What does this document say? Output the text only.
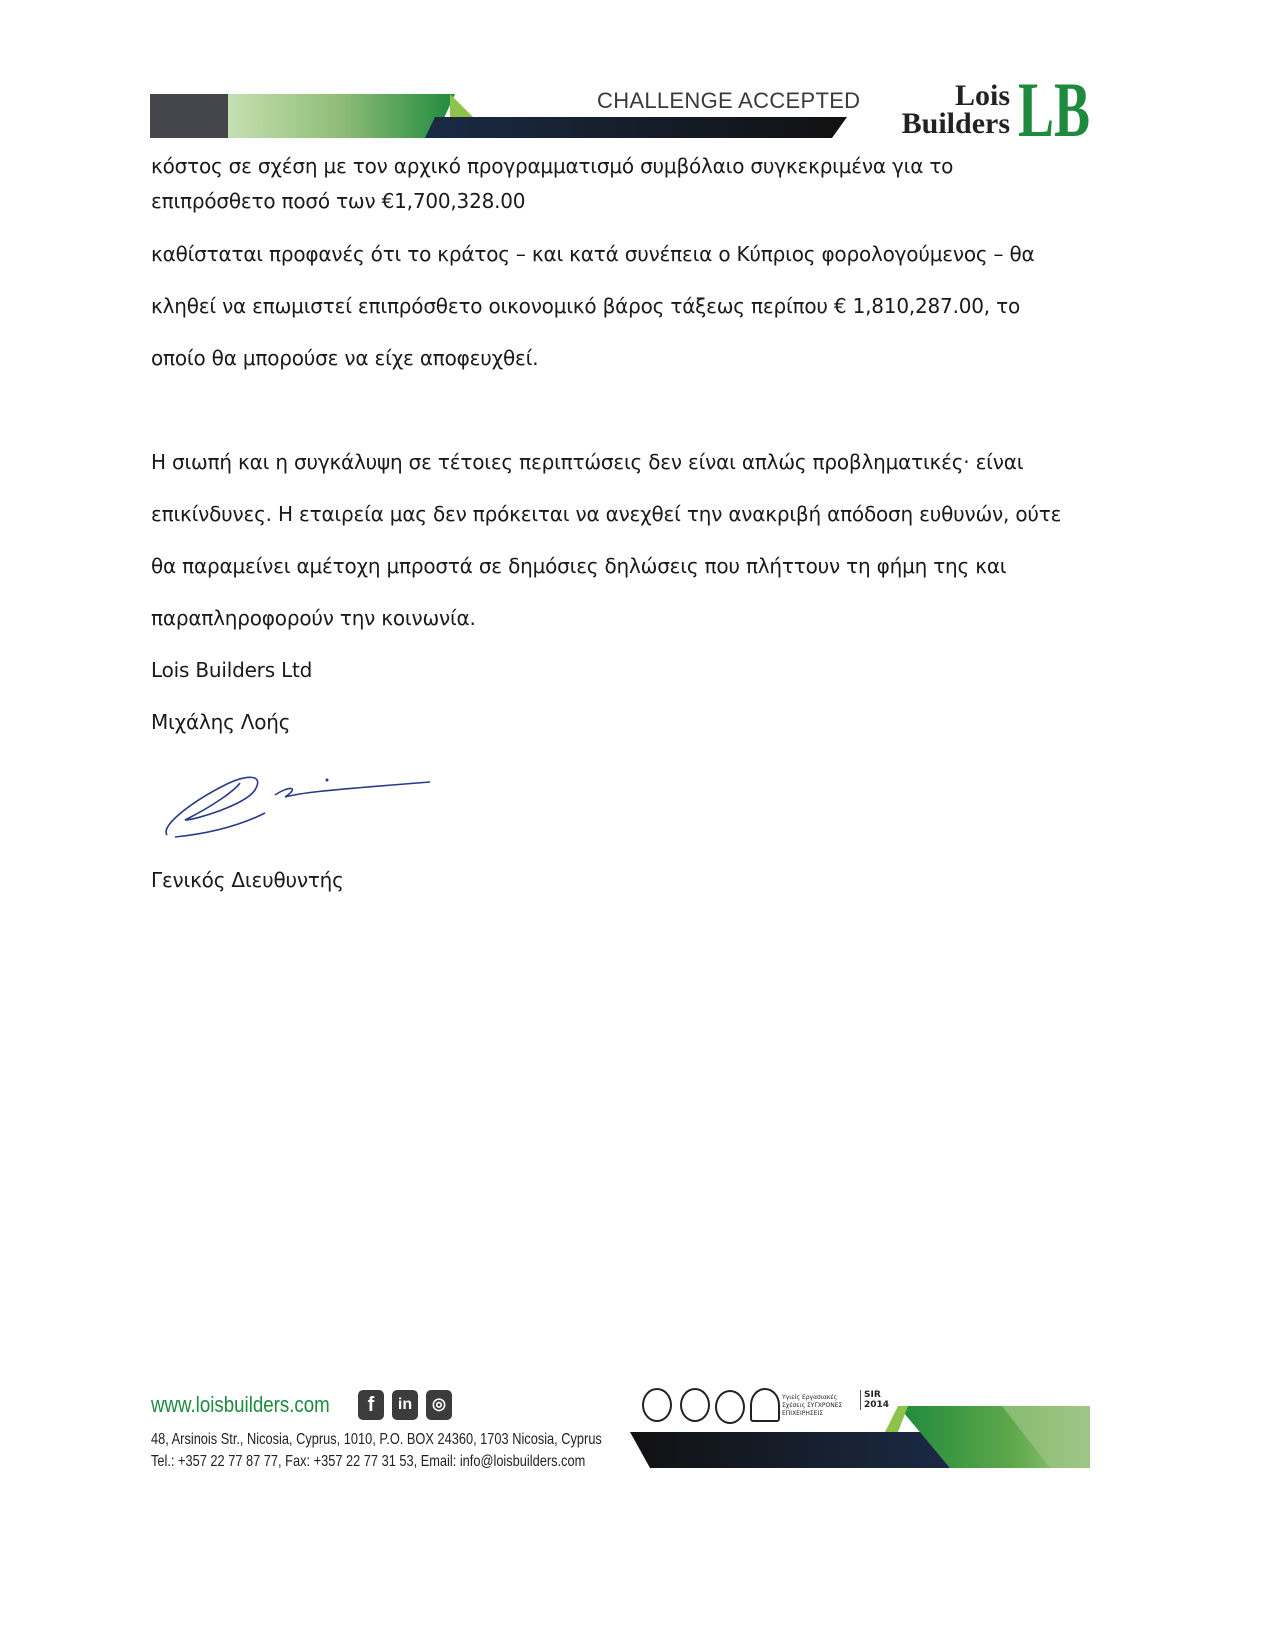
CHALLENGE ACCEPTED	Lois
Builders LB
κόστος σε σχέση με τον αρχικό προγραμματισμό συμβόλαιο συγκεκριμένα για το
επιπρόσθετο ποσό των €1,700,328.00
καθίσταται προφανές ότι το κράτος – και κατά συνέπεια ο Κύπριος φορολογούμενος – θα
κληθεί να επωμιστεί επιπρόσθετο οικονομικό βάρος τάξεως περίπου € 1,810,287.00, το
οποίο θα μπορούσε να είχε αποφευχθεί.
Η σιωπή και η συγκάλυψη σε τέτοιες περιπτώσεις δεν είναι απλώς προβληματικές· είναι
επικίνδυνες. Η εταιρεία μας δεν πρόκειται να ανεχθεί την ανακριβή απόδοση ευθυνών, ούτε
θα παραμείνει αμέτοχη μπροστά σε δημόσιες δηλώσεις που πλήττουν τη φήμη της και
παραπληροφορούν την κοινωνία.
Lois Builders Ltd
Μιχάλης Λοής
Γενικός Διευθυντής
www.loisbuilders.com	f	in	◎
48, Arsinois Str., Nicosia, Cyprus, 1010, P.O. BOX 24360, 1703 Nicosia, Cyprus
Tel.: +357 22 77 87 77, Fax: +357 22 77 31 53, Email: info@loisbuilders.com
Υγιείς Εργασιακές Σχέσεις ΣΥΓΧΡΟΝΕΣ ΕΠΙΧΕΙΡΗΣΕΙΣ
SIR 2014
